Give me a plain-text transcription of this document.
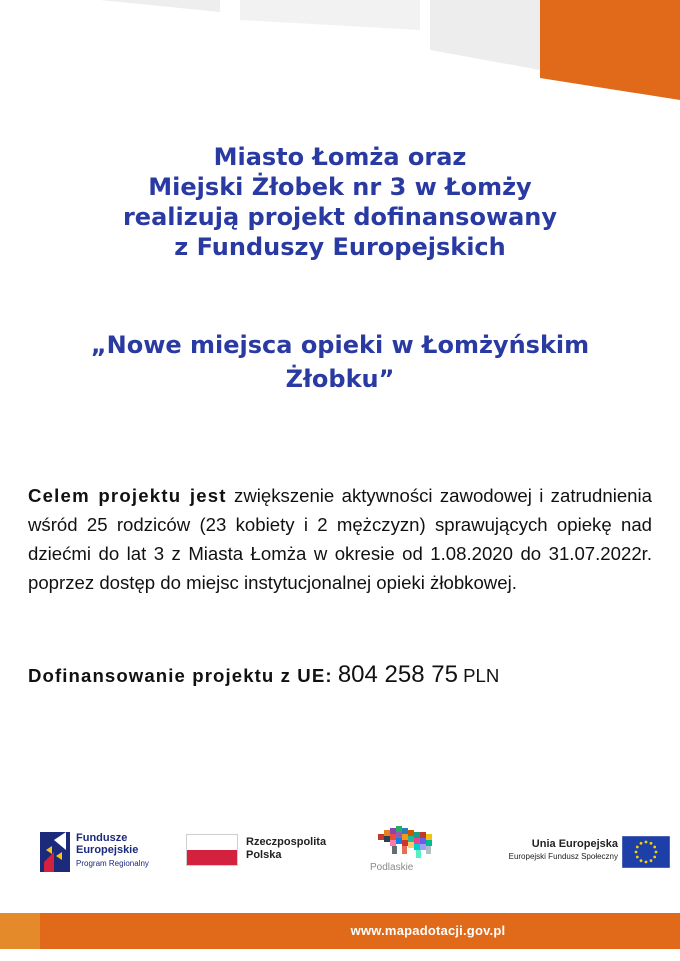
Miasto Łomża oraz
Miejski Żłobek nr 3 w Łomży
realizują projekt dofinansowany
z Funduszy Europejskich
„Nowe miejsca opieki w Łomżyńskim
Żłobku”
Celem projektu jest zwiększenie aktywności zawodowej i zatrudnienia wśród 25 rodziców (23 kobiety i 2 mężczyzn) sprawujących opiekę nad dziećmi do lat 3 z Miasta Łomża w okresie od 1.08.2020 do 31.07.2022r. poprzez dostęp do miejsc instytucjonalnej opieki żłobkowej.
Dofinansowanie projektu z UE: 804 258 75 PLN
Fundusze
Europejskie
Program Regionalny
Rzeczpospolita
Polska
Podlaskie
Unia Europejska
Europejski Fundusz Społeczny
www.mapadotacji.gov.pl
